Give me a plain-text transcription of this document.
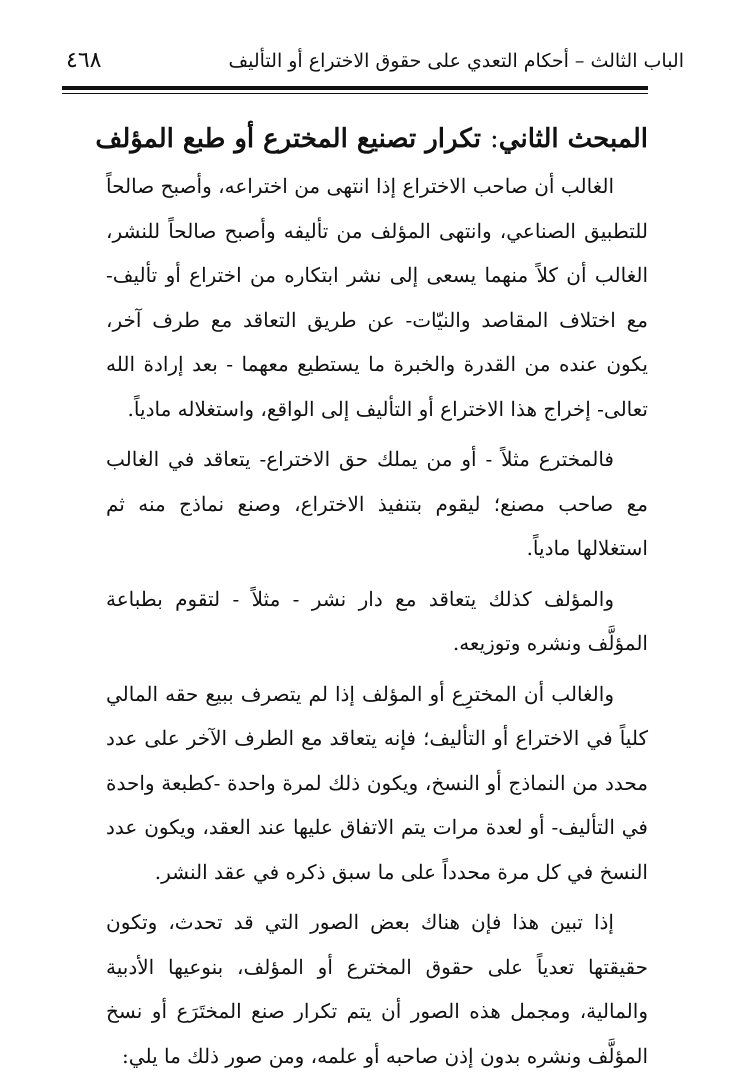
الباب الثالث – أحكام التعدي على حقوق الاختراع أو التأليف
٤٦٨
المبحث الثاني: تكرار تصنيع المخترع أو طبع المؤلف

الغالب أن صاحب الاختراع إذا انتهى من اختراعه، وأصبح صالحاً للتطبيق الصناعي، وانتهى المؤلف من تأليفه وأصبح صالحاً للنشر، الغالب أن كلاً منهما يسعى إلى نشر ابتكاره من اختراع أو تأليف- مع اختلاف المقاصد والنيّات- عن طريق التعاقد مع طرف آخر، يكون عنده من القدرة والخبرة ما يستطيع معهما - بعد إرادة الله تعالى- إخراج هذا الاختراع أو التأليف إلى الواقع، واستغلاله مادياً.

فالمخترع مثلاً - أو من يملك حق الاختراع- يتعاقد في الغالب مع صاحب مصنع؛ ليقوم بتنفيذ الاختراع، وصنع نماذج منه ثم استغلالها مادياً.

والمؤلف كذلك يتعاقد مع دار نشر - مثلاً - لتقوم بطباعة المؤلَّف ونشره وتوزيعه.

والغالب أن المخترِع أو المؤلف إذا لم يتصرف ببيع حقه المالي كلياً في الاختراع أو التأليف؛ فإنه يتعاقد مع الطرف الآخر على عدد محدد من النماذج أو النسخ، ويكون ذلك لمرة واحدة -كطبعة واحدة في التأليف- أو لعدة مرات يتم الاتفاق عليها عند العقد، ويكون عدد النسخ في كل مرة محدداً على ما سبق ذكره في عقد النشر.

إذا تبين هذا فإن هناك بعض الصور التي قد تحدث، وتكون حقيقتها تعدياً على حقوق المخترع أو المؤلف، بنوعيها الأدبية والمالية، ومجمل هذه الصور أن يتم تكرار صنع المختَرَع أو نسخ المؤلَّف ونشره بدون إذن صاحبه أو علمه، ومن صور ذلك ما يلي:
